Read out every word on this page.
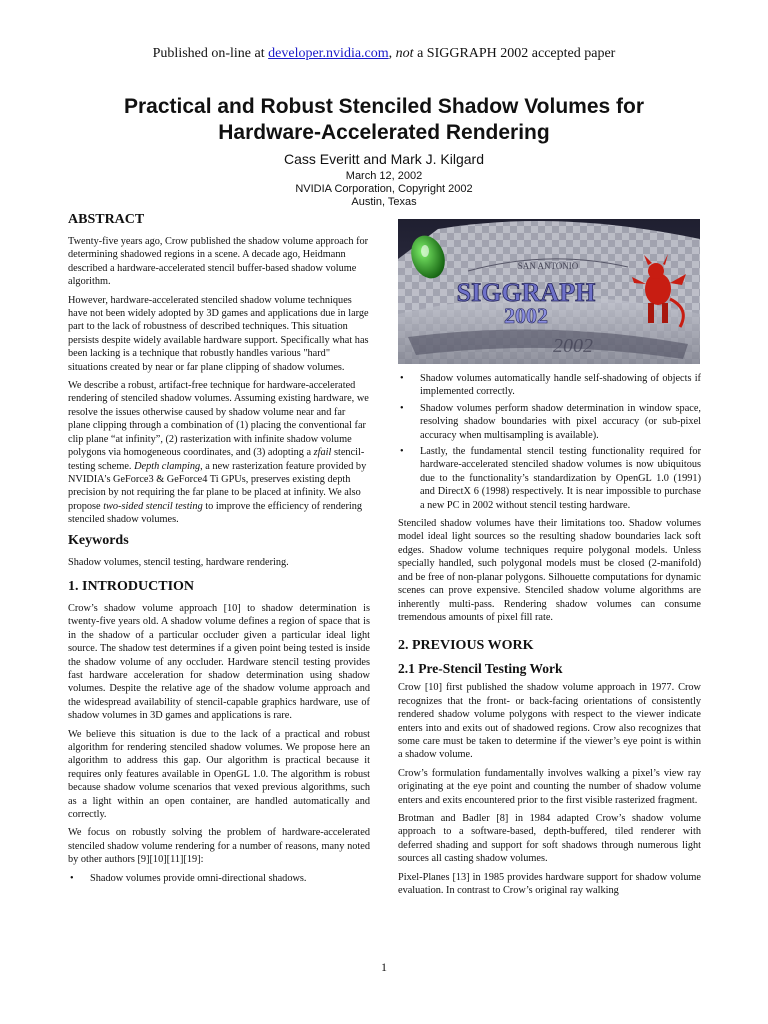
Published on-line at developer.nvidia.com, not a SIGGRAPH 2002 accepted paper
Practical and Robust Stenciled Shadow Volumes for
Hardware-Accelerated Rendering
Cass Everitt and Mark J. Kilgard
March 12, 2002
NVIDIA Corporation, Copyright 2002
Austin, Texas
ABSTRACT

Twenty-five years ago, Crow published the shadow volume approach for determining shadowed regions in a scene. A decade ago, Heidmann described a hardware-accelerated stencil buffer-based shadow volume algorithm.

However, hardware-accelerated stenciled shadow volume techniques have not been widely adopted by 3D games and applications due in large part to the lack of robustness of described techniques. This situation persists despite widely available hardware support. Specifically what has been lacking is a technique that robustly handles various "hard" situations created by near or far plane clipping of shadow volumes.

We describe a robust, artifact-free technique for hardware-accelerated rendering of stenciled shadow volumes. Assuming existing hardware, we resolve the issues otherwise caused by shadow volume near and far plane clipping through a combination of (1) placing the conventional far clip plane “at infinity”, (2) rasterization with infinite shadow volume polygons via homogeneous coordinates, and (3) adopting a zfail stencil-testing scheme. Depth clamping, a new rasterization feature provided by NVIDIA's GeForce3 & GeForce4 Ti GPUs, preserves existing depth precision by not requiring the far plane to be placed at infinity. We also propose two-sided stencil testing to improve the efficiency of rendering stenciled shadow volumes.

Keywords

Shadow volumes, stencil testing, hardware rendering.

1. INTRODUCTION

Crow’s shadow volume approach [10] to shadow determination is twenty-five years old. A shadow volume defines a region of space that is in the shadow of a particular occluder given a particular ideal light source. The shadow test determines if a given point being tested is inside the shadow volume of any occluder. Hardware stencil testing provides fast hardware acceleration for shadow determination using shadow volumes. Despite the relative age of the shadow volume approach and the widespread availability of stencil-capable graphics hardware, use of shadow volumes in 3D games and applications is rare.

We believe this situation is due to the lack of a practical and robust algorithm for rendering stenciled shadow volumes. We propose here an algorithm to address this gap. Our algorithm is practical because it requires only features available in OpenGL 1.0. The algorithm is robust because shadow volume scenarios that vexed previous algorithms, such as a light within an open container, are handled automatically and correctly.

We focus on robustly solving the problem of hardware-accelerated stenciled shadow volume rendering for a number of reasons, many noted by other authors [9][10][11][19]:

• Shadow volumes provide omni-directional shadows.
SAN ANTONIO
SIGGRAPH
2002
2002
• Shadow volumes automatically handle self-shadowing of objects if implemented correctly.
• Shadow volumes perform shadow determination in window space, resolving shadow boundaries with pixel accuracy (or sub-pixel accuracy when multisampling is available).
• Lastly, the fundamental stencil testing functionality required for hardware-accelerated stenciled shadow volumes is now ubiquitous due to the functionality’s standardization by OpenGL 1.0 (1991) and DirectX 6 (1998) respectively. It is near impossible to purchase a new PC in 2002 without stencil testing hardware.

Stenciled shadow volumes have their limitations too. Shadow volumes model ideal light sources so the resulting shadow boundaries lack soft edges. Shadow volume techniques require polygonal models. Unless specially handled, such polygonal models must be closed (2-manifold) and be free of non-planar polygons. Silhouette computations for dynamic scenes can prove expensive. Stenciled shadow volume algorithms are inherently multi-pass. Rendering shadow volumes can consume tremendous amounts of pixel fill rate.

2. PREVIOUS WORK
2.1 Pre-Stencil Testing Work

Crow [10] first published the shadow volume approach in 1977. Crow recognizes that the front- or back-facing orientations of consistently rendered shadow volume polygons with respect to the viewer indicate enters into and exits out of shadowed regions. Crow also recognizes that some care must be taken to determine if the viewer’s eye point is within a shadow volume.

Crow’s formulation fundamentally involves walking a pixel’s view ray originating at the eye point and counting the number of shadow volume enters and exits encountered prior to the first visible rasterized fragment.

Brotman and Badler [8] in 1984 adapted Crow’s shadow volume approach to a software-based, depth-buffered, tiled renderer with deferred shading and support for soft shadows through numerous light sources all casting shadow volumes.

Pixel-Planes [13] in 1985 provides hardware support for shadow volume evaluation. In contrast to Crow’s original ray walking

1
